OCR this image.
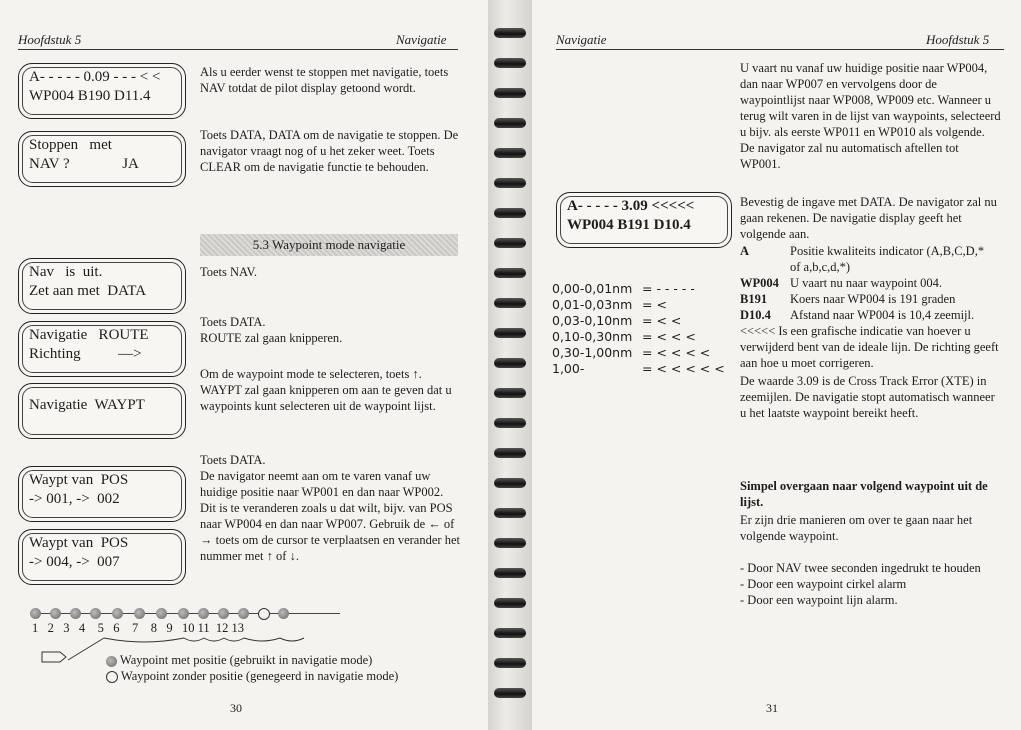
Hoofdstuk 5	Navigatie
A- - - - - 0.09 - - - < <
WP004 B190 D11.4
Stoppen   met
NAV ?              JA
Nav   is  uit.
Zet aan met  DATA
Navigatie   ROUTE
Richting          —>
Navigatie  WAYPT
Waypt van  POS
-> 001, ->  002
Waypt van  POS
-> 004, ->  007
Als u eerder wenst te stoppen met navigatie, toets NAV totdat de pilot display getoond wordt.
Toets DATA, DATA om de navigatie te stoppen. De navigator vraagt nog of u het zeker weet. Toets CLEAR om de navigatie functie te behouden.
5.3 Waypoint mode navigatie
Toets NAV.
Toets DATA.
ROUTE zal gaan knipperen.
Om de waypoint mode te selecteren, toets ↑. WAYPT zal gaan knipperen om aan te geven dat u waypoints kunt selecteren uit de waypoint lijst.
Toets DATA.
De navigator neemt aan om te varen vanaf uw huidige positie naar WP001 en dan naar WP002. Dit is te veranderen zoals u dat wilt, bijv. van POS naar WP004 en dan naar WP007. Gebruik de ← of → toets om de cursor te verplaatsen en verander het nummer met ↑ of ↓.
1   2   3   4    5   6    7    8   9   10 11  12 13
Waypoint met positie (gebruikt in navigatie mode)
Waypoint zonder positie (genegeerd in navigatie mode)
30
Navigatie	Hoofdstuk 5
U vaart nu vanaf uw huidige positie naar WP004, dan naar WP007 en vervolgens door de waypointlijst naar WP008, WP009 etc. Wanneer u terug wilt varen in de lijst van waypoints, selecteerd u bijv. als eerste WP011 en WP010 als volgende. De navigator zal nu automatisch aftellen tot WP001.
A- - - - - 3.09 <<<<<
WP004 B191 D10.4
Bevestig de ingave met DATA. De navigator zal nu gaan rekenen. De navigatie display geeft het volgende aan.
0,00-0,01nm = - - - - -
0,01-0,03nm = <
0,03-0,10nm = < <
0,10-0,30nm = < < <
0,30-1,00nm = < < < <
1,00-	= < < < < <
A	Positie kwaliteits indicator (A,B,C,D,* of a,b,c,d,*)
WP004 U vaart nu naar waypoint 004.
B191	Koers naar WP004 is 191 graden
D10.4	Afstand naar WP004 is 10,4 zeemijl.
<<<<< Is een grafische indicatie van hoever u verwijderd bent van de ideale lijn. De richting geeft aan hoe u moet corrigeren.
De waarde 3.09 is de Cross Track Error (XTE) in zeemijlen. De navigatie stopt automatisch wanneer u het laatste waypoint bereikt heeft.
Simpel overgaan naar volgend waypoint uit de lijst.
Er zijn drie manieren om over te gaan naar het volgende waypoint.

- Door NAV twee seconden ingedrukt te houden

- Door een waypoint cirkel alarm

- Door een waypoint lijn alarm.

31
